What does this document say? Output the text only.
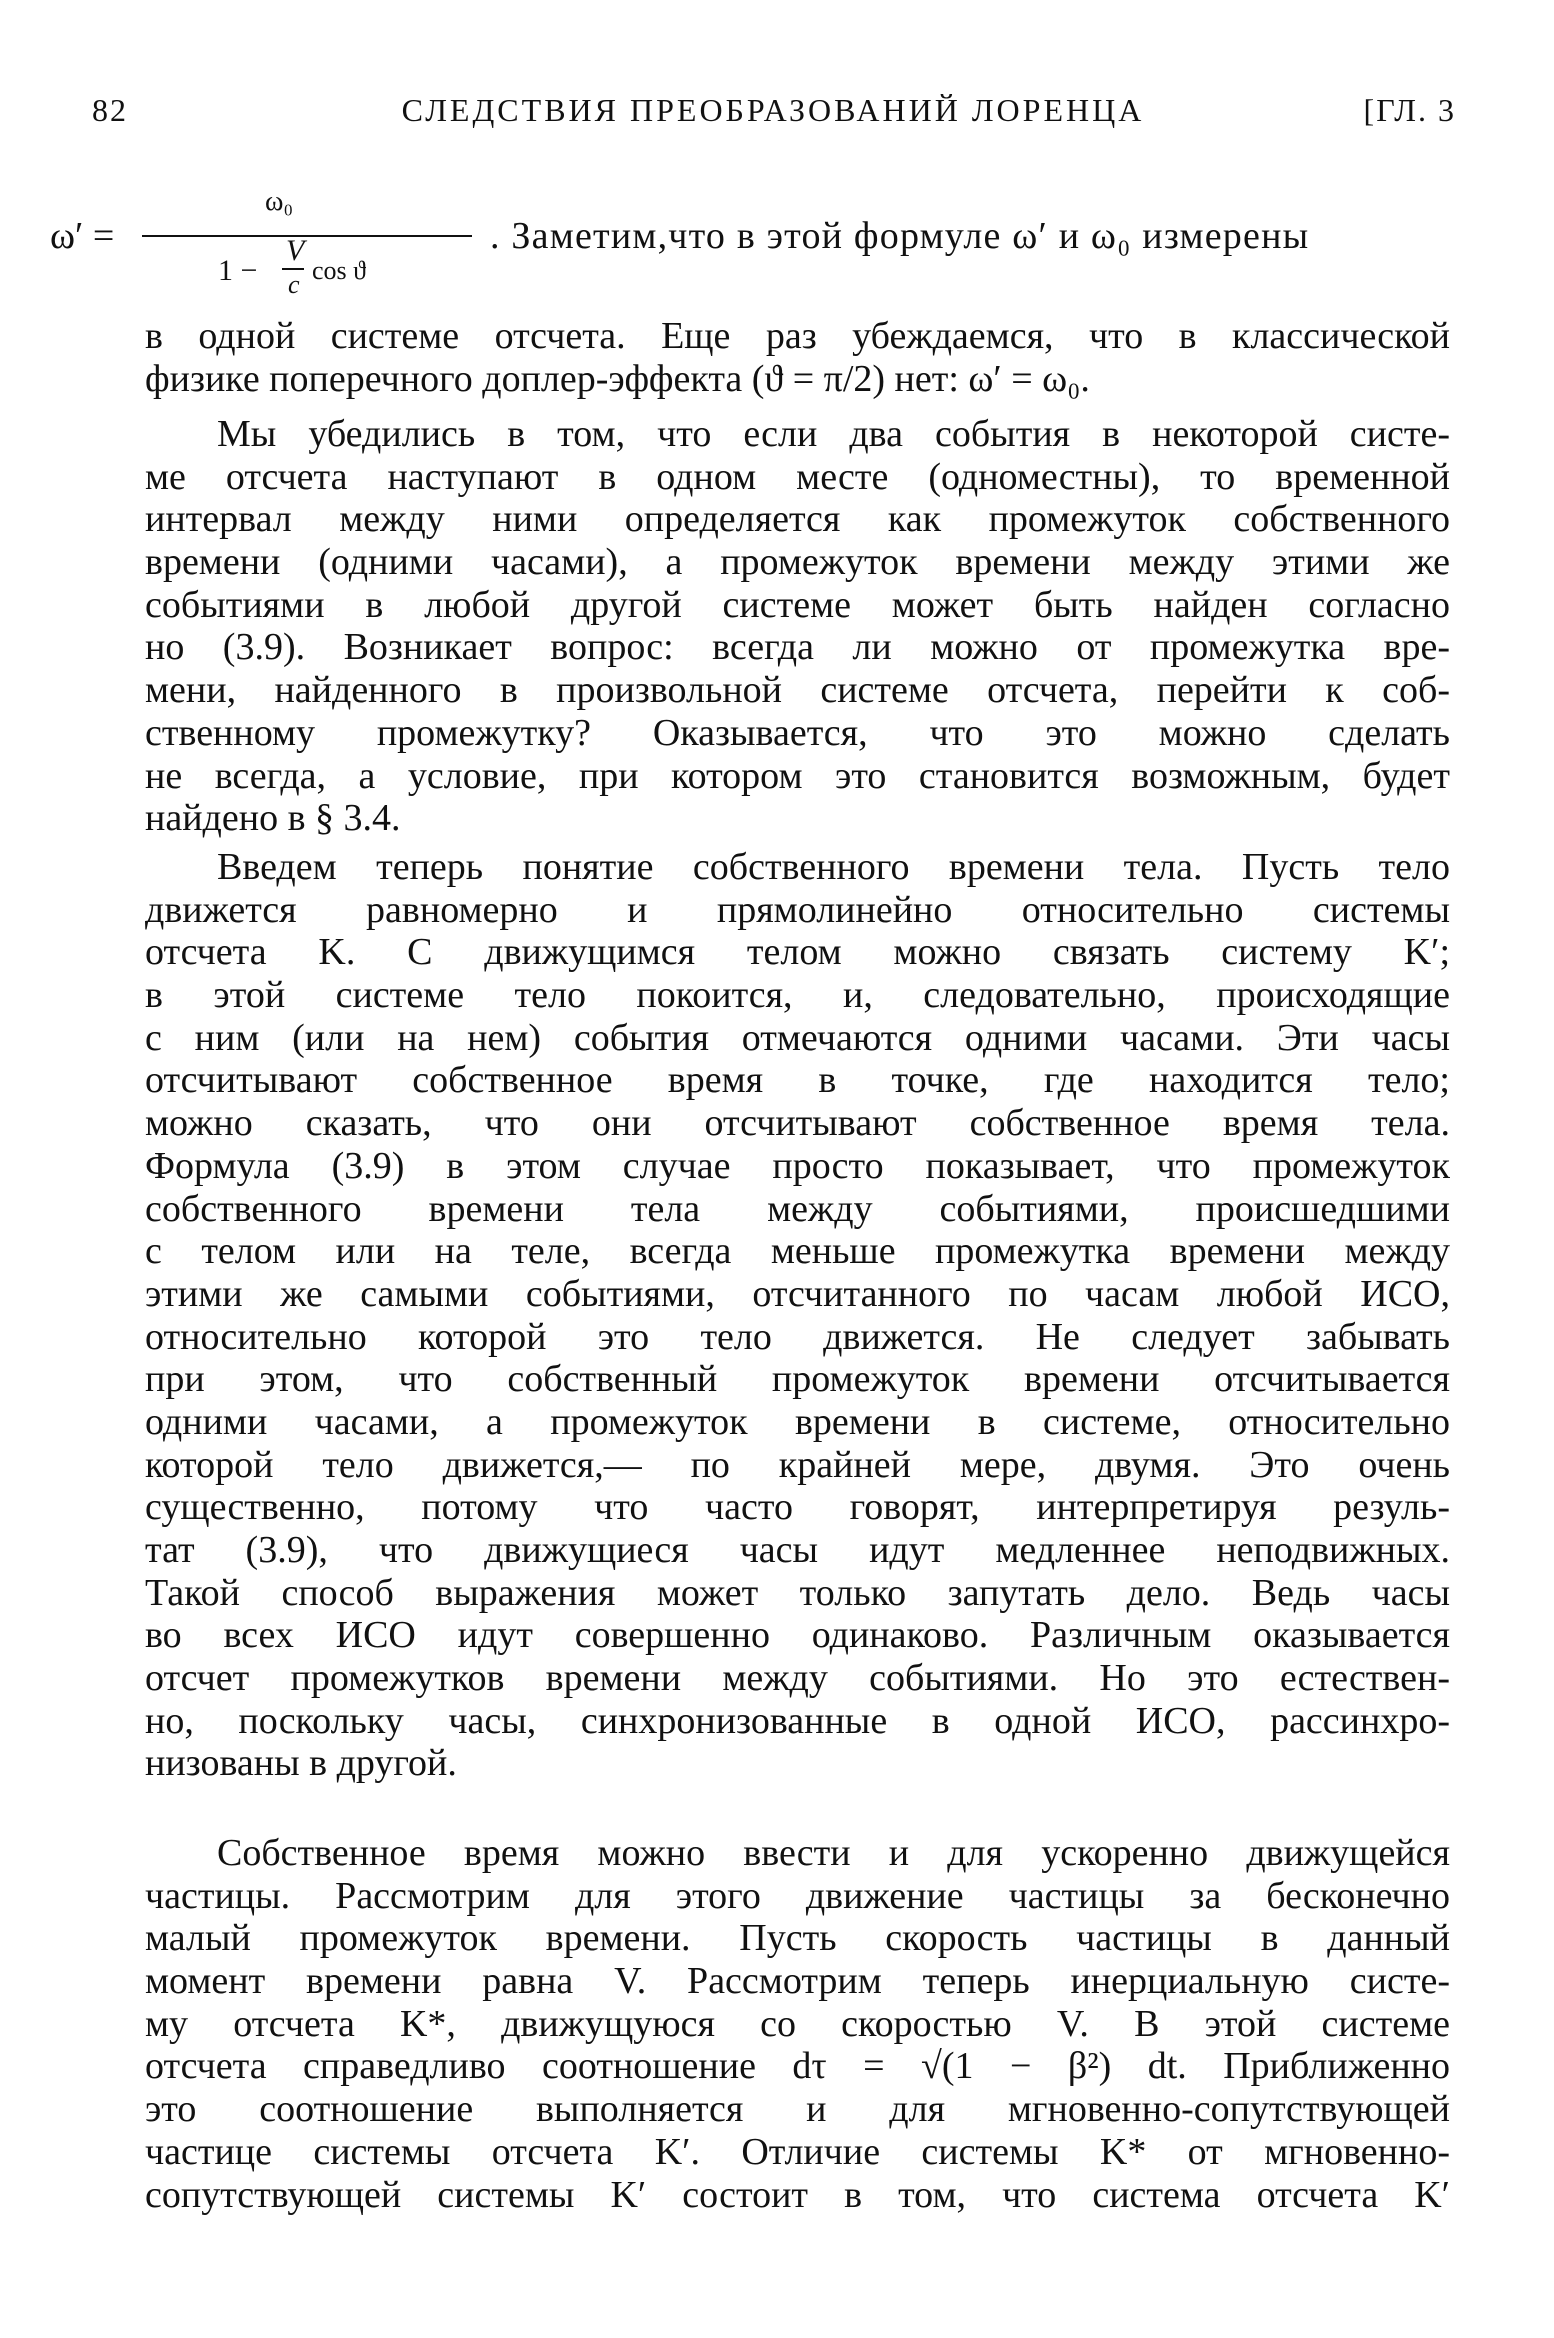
82	СЛЕДСТВИЯ ПРЕОБРАЗОВАНИЙ ЛОРЕНЦА	[ГЛ. 3
ω′ =
ω₀
1 −
V
c cos ϑ
. Заметим,что в этой формуле ω′ и ω₀ измерены
в одной системе отсчета. Еще раз убеждаемся, что в классической
физике поперечного доплер-эффекта (ϑ = π/2) нет: ω′ = ω₀.
Мы убедились в том, что если два события в некоторой систе-
ме отсчета наступают в одном месте (одноместны), то временной
интервал между ними определяется как промежуток собственного
времени (одними часами), а промежуток времени между этими же
событиями в любой другой системе может быть найден согласно
но (3.9). Возникает вопрос: всегда ли можно от промежутка вре-
мени, найденного в произвольной системе отсчета, перейти к соб-
ственному промежутку? Оказывается, что это можно сделать
не всегда, а условие, при котором это становится возможным, будет
найдено в § 3.4.
Введем теперь понятие собственного времени тела. Пусть тело
движется равномерно и прямолинейно относительно системы
отсчета K. С движущимся телом можно связать систему K′;
в этой системе тело покоится, и, следовательно, происходящие
с ним (или на нем) события отмечаются одними часами. Эти часы
отсчитывают собственное время в точке, где находится тело;
можно сказать, что они отсчитывают собственное время тела.
Формула (3.9) в этом случае просто показывает, что промежуток
собственного времени тела между событиями, происшедшими
с телом или на теле, всегда меньше промежутка времени между
этими же самыми событиями, отсчитанного по часам любой ИСО,
относительно которой это тело движется. Не следует забывать
при этом, что собственный промежуток времени отсчитывается
одними часами, а промежуток времени в системе, относительно
которой тело движется,— по крайней мере, двумя. Это очень
существенно, потому что часто говорят, интерпретируя резуль-
тат (3.9), что движущиеся часы идут медленнее неподвижных.
Такой способ выражения может только запутать дело. Ведь часы
во всех ИСО идут совершенно одинаково. Различным оказывается
отсчет промежутков времени между событиями. Но это естествен-
но, поскольку часы, синхронизованные в одной ИСО, рассинхро-
низованы в другой.
Собственное время можно ввести и для ускоренно движущейся
частицы. Рассмотрим для этого движение частицы за бесконечно
малый промежуток времени. Пусть скорость частицы в данный
момент времени равна V. Рассмотрим теперь инерциальную систе-
му отсчета K*, движущуюся со скоростью V. В этой системе
отсчета справедливо соотношение dτ = √(1 − β²) dt. Приближенно
это соотношение выполняется и для мгновенно-сопутствующей
частице системы отсчета K′. Отличие системы K* от мгновенно-
сопутствующей системы K′ состоит в том, что система отсчета K′
